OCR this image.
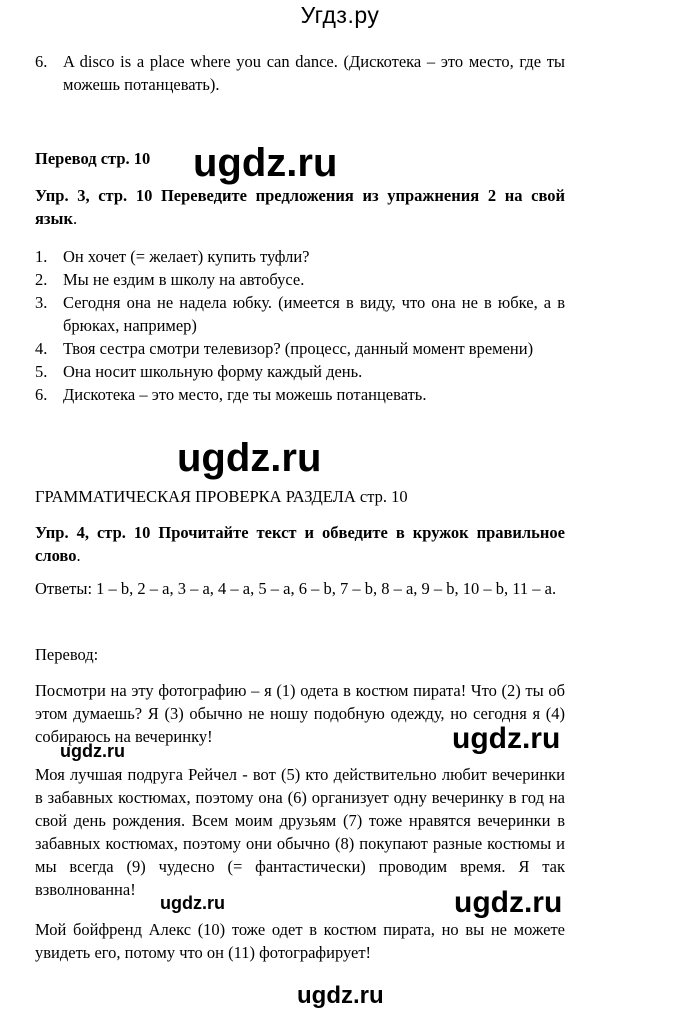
Угдз.ру
6. A disco is a place where you can dance. (Дискотека – это место, где ты можешь потанцевать).
Перевод стр. 10	ugdz.ru
Упр. 3, стр. 10 Переведите предложения из упражнения 2 на свой язык.
1. Он хочет (= желает) купить туфли?
2. Мы не ездим в школу на автобусе.
3. Сегодня она не надела юбку. (имеется в виду, что она не в юбке, а в брюках, например)
4. Твоя сестра смотри телевизор? (процесс, данный момент времени)
5. Она носит школьную форму каждый день.
6. Дискотека – это место, где ты можешь потанцевать.
ugdz.ru
ГРАММАТИЧЕСКАЯ ПРОВЕРКА РАЗДЕЛА стр. 10
Упр. 4, стр. 10 Прочитайте текст и обведите в кружок правильное слово.
Ответы: 1 – b, 2 – a, 3 – a, 4 – a, 5 – a, 6 – b, 7 – b, 8 – a, 9 – b, 10 – b, 11 – a.
Перевод:
Посмотри на эту фотографию – я (1) одета в костюм пирата! Что (2) ты об этом думаешь? Я (3) обычно не ношу подобную одежду, но сегодня я (4) собираюсь на вечеринку!
ugdz.ru	ugdz.ru
Моя лучшая подруга Рейчел - вот (5) кто действительно любит вечеринки в забавных костюмах, поэтому она (6) организует одну вечеринку в год на свой день рождения. Всем моим друзьям (7) тоже нравятся вечеринки в забавных костюмах, поэтому они обычно (8) покупают разные костюмы и мы всегда (9) чудесно (= фантастически) проводим время. Я так взволнованна!
ugdz.ru	ugdz.ru
Мой бойфренд Алекс (10) тоже одет в костюм пирата, но вы не можете увидеть его, потому что он (11) фотографирует!
ugdz.ru
